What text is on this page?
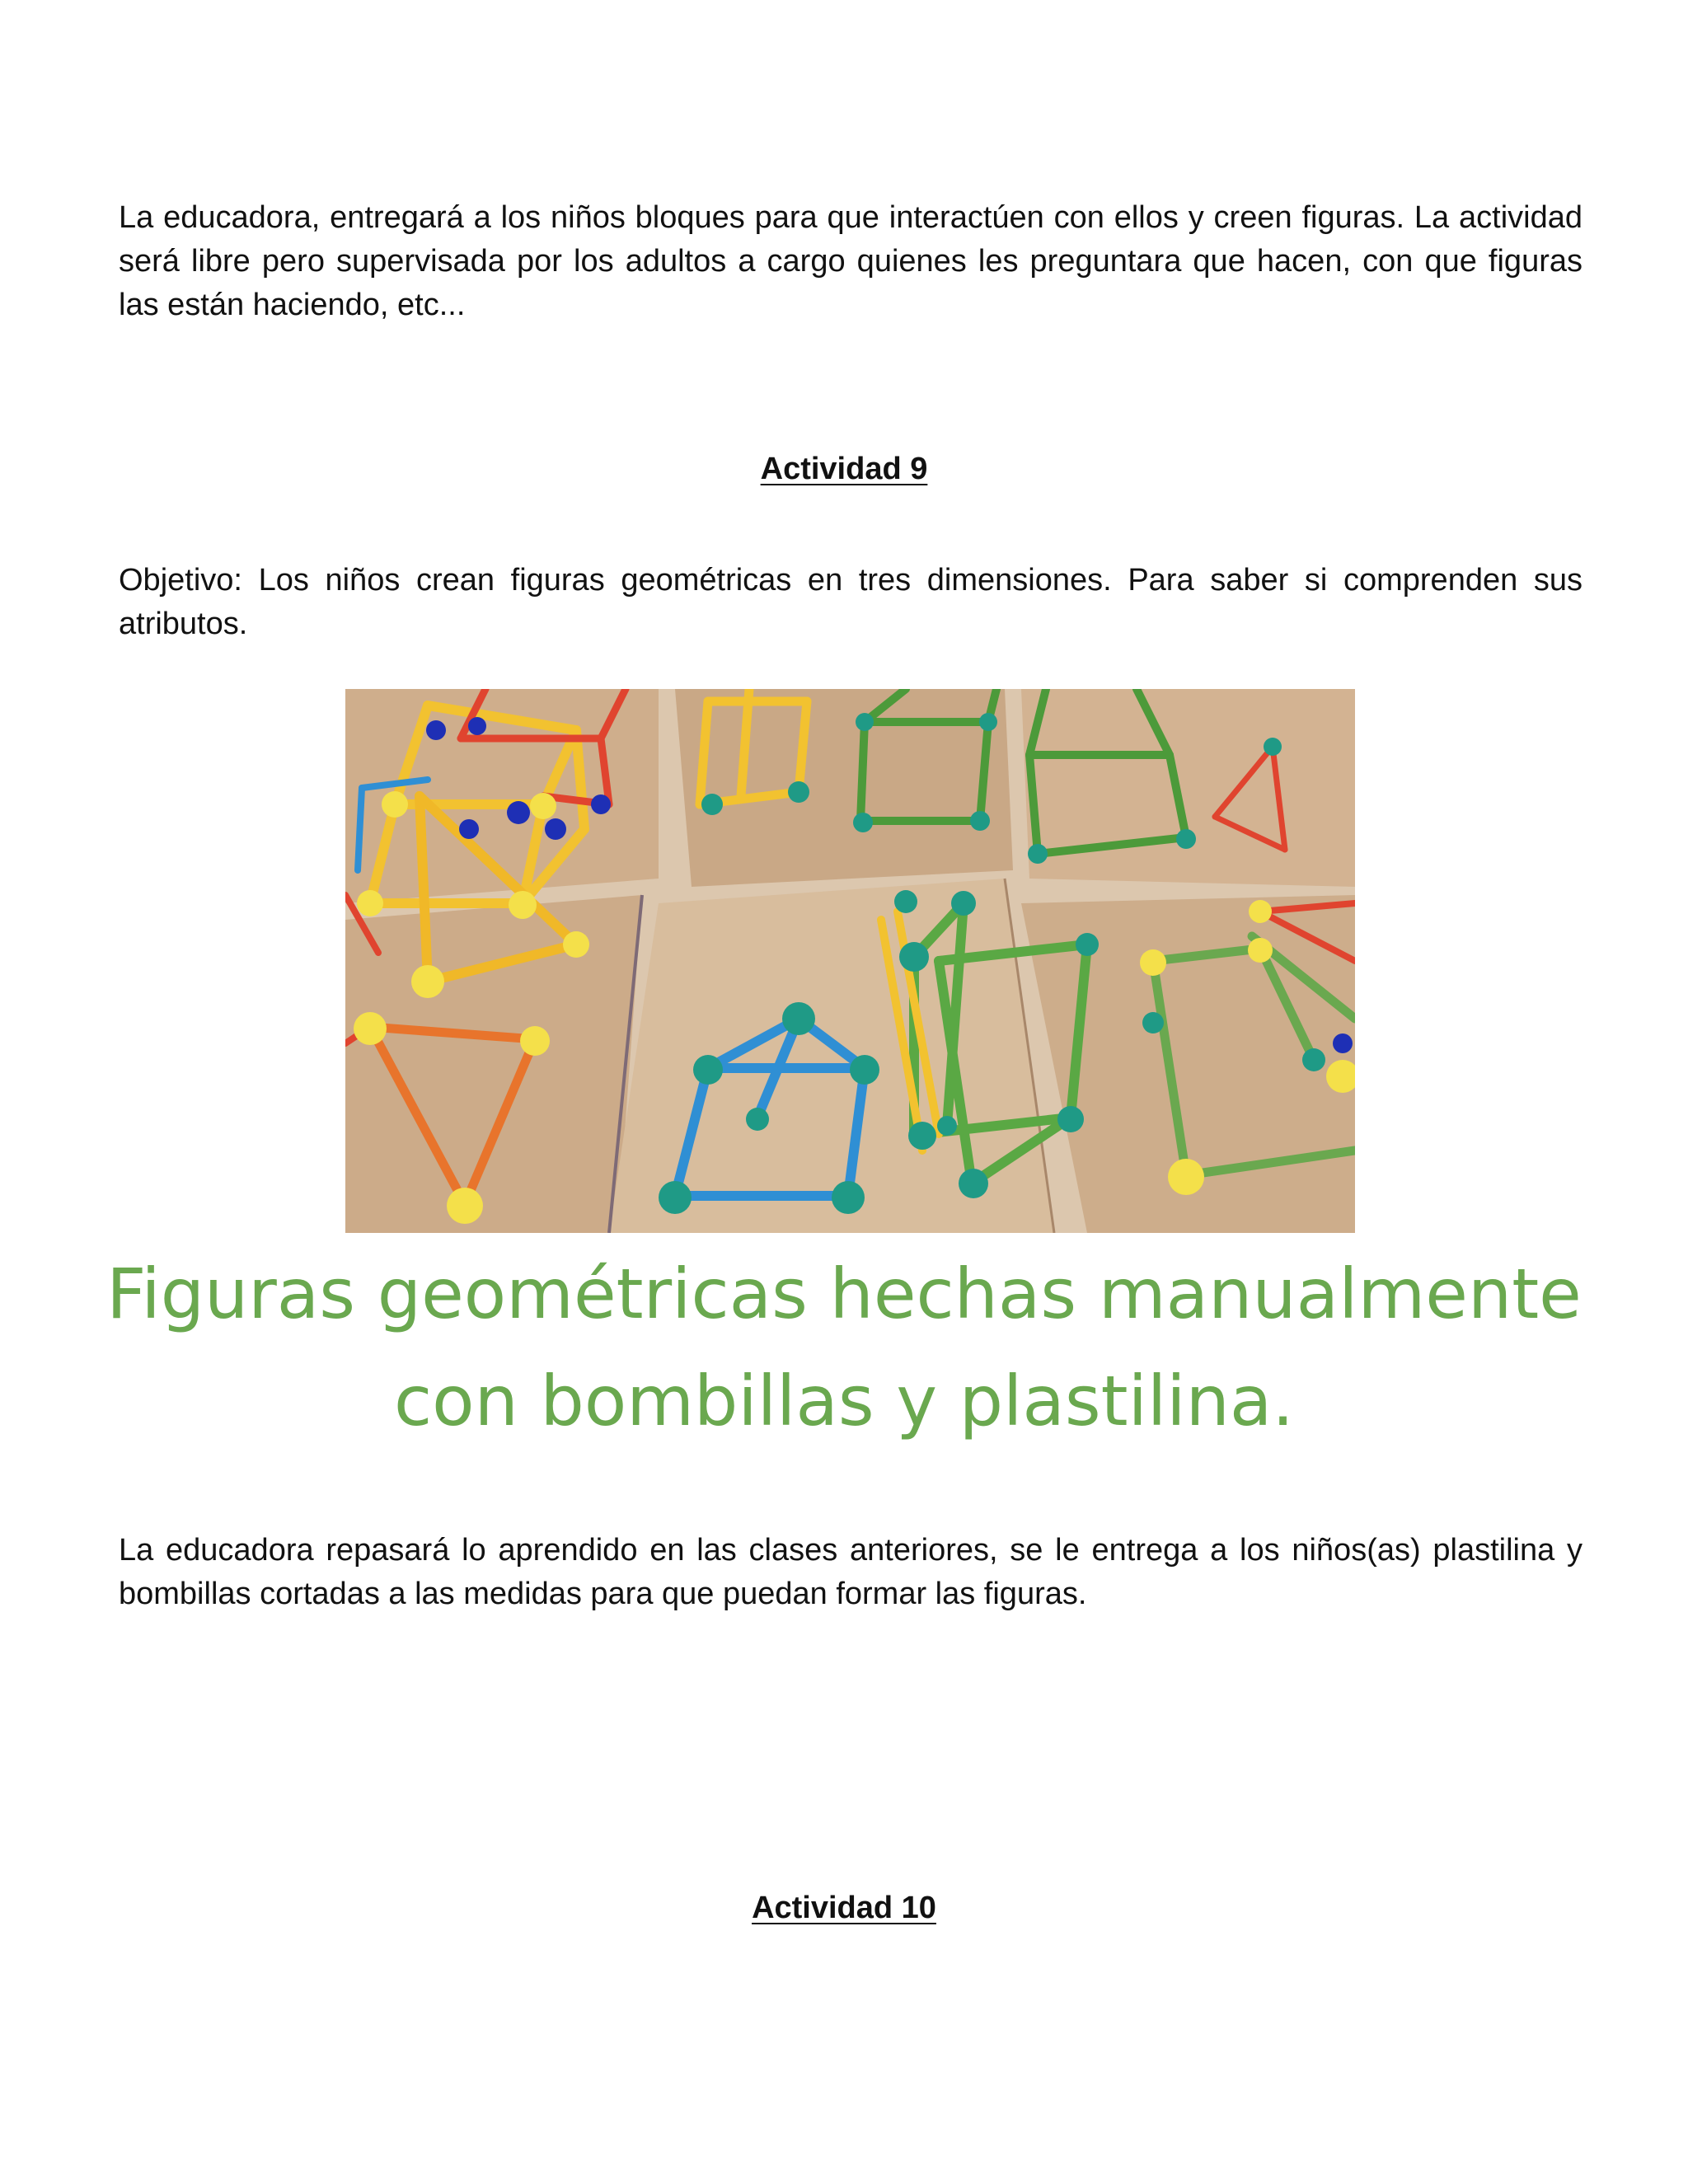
La educadora, entregará a los niños bloques para que interactúen con ellos y creen figuras. La actividad será libre pero supervisada por los adultos a cargo quienes les preguntara que hacen, con que figuras las están haciendo, etc...

Actividad 9

Objetivo: Los niños crean figuras geométricas en tres dimensiones. Para saber si comprenden sus atributos.

Figuras geométricas hechas manualmente con bombillas y plastilina.

La educadora repasará lo aprendido en las clases anteriores, se le entrega a los niños(as) plastilina y bombillas cortadas a las medidas para que puedan formar las figuras.

Actividad 10
